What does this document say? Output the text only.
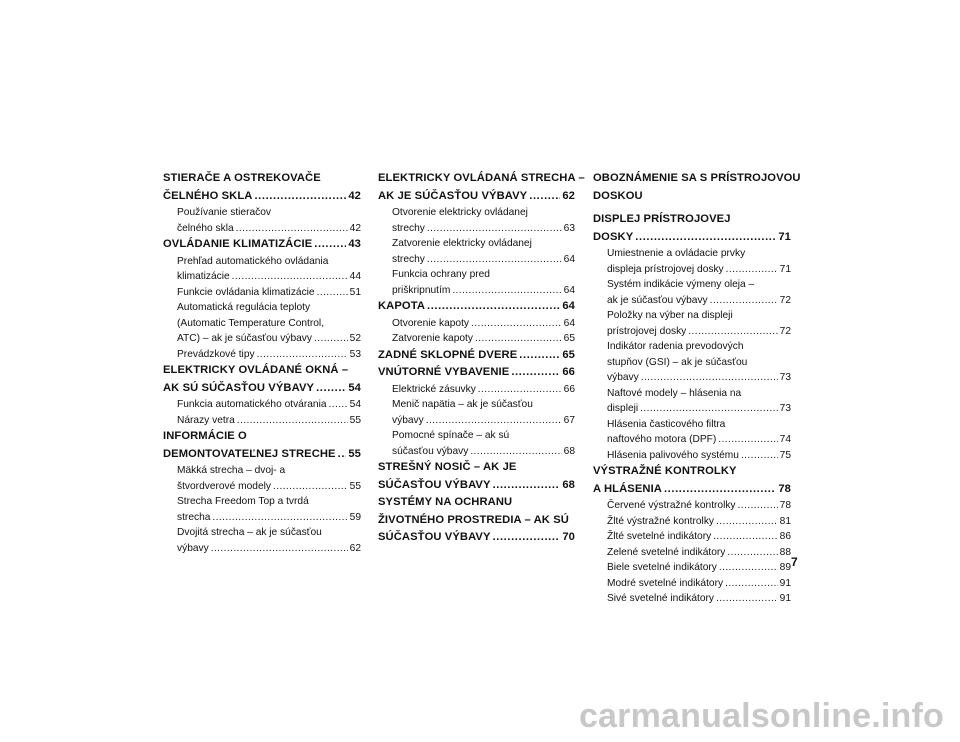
STIERAČE A OSTREKOVAČE
ČELNÉHO SKLA .....	42
Používanie stieračov
čelného skla .....	42
OVLÁDANIE KLIMATIZÁCIE .....	43
Prehľad automatického ovládania
klimatizácie .....	44
Funkcie ovládania klimatizácie .....	51
Automatická regulácia teploty
(Automatic Temperature Control,
ATC) – ak je súčasťou výbavy .....	52
Prevádzkové tipy .....	53
ELEKTRICKY OVLÁDANÉ OKNÁ –
AK SÚ SÚČASŤOU VÝBAVY .....	54
Funkcia automatického otvárania ..... 54
Nárazy vetra .....	55
INFORMÁCIE O
DEMONTOVATEĽNEJ STRECHE ..... 55
Mäkká strecha – dvoj- a
štvordverové modely .....	55
Strecha Freedom Top a tvrdá
strecha .....	59
Dvojitá strecha – ak je súčasťou
výbavy .....	62
ELEKTRICKY OVLÁDANÁ STRECHA –
AK JE SÚČASŤOU VÝBAVY .....	62
Otvorenie elektricky ovládanej
strechy .....	63
Zatvorenie elektricky ovládanej
strechy .....	64
Funkcia ochrany pred
priškripnutím .....	64
KAPOTA .....	64
Otvorenie kapoty .....	64
Zatvorenie kapoty .....	65
ZADNÉ SKLOPNÉ DVERE .....	65
VNÚTORNÉ VYBAVENIE .....	66
Elektrické zásuvky .....	66
Menič napätia – ak je súčasťou
výbavy .....	67
Pomocné spínače – ak sú
súčasťou výbavy .....	68
STREŠNÝ NOSIČ – AK JE
SÚČASŤOU VÝBAVY .....	68
SYSTÉMY NA OCHRANU
ŽIVOTNÉHO PROSTREDIA – AK SÚ
SÚČASŤOU VÝBAVY .....	70
OBOZNÁMENIE SA S PRÍSTROJOVOU
DOSKOU
DISPLEJ PRÍSTROJOVEJ
DOSKY .....	71
Umiestnenie a ovládacie prvky
displeja prístrojovej dosky .....	71
Systém indikácie výmeny oleja –
ak je súčasťou výbavy .....	72
Položky na výber na displeji
prístrojovej dosky .....	72
Indikátor radenia prevodových
stupňov (GSI) – ak je súčasťou
výbavy .....	73
Naftové modely – hlásenia na
displeji .....	73
Hlásenia časticového filtra
naftového motora (DPF) .....	74
Hlásenia palivového systému .....	75
VÝSTRAŽNÉ KONTROLKY
A HLÁSENIA .....	78
Červené výstražné kontrolky .....	78
Žlté výstražné kontrolky .....	81
Žlté svetelné indikátory .....	86
Zelené svetelné indikátory .....	88
Biele svetelné indikátory .....	89
Modré svetelné indikátory .....	91
Sivé svetelné indikátory .....	91
7
carmanualsonline.info
